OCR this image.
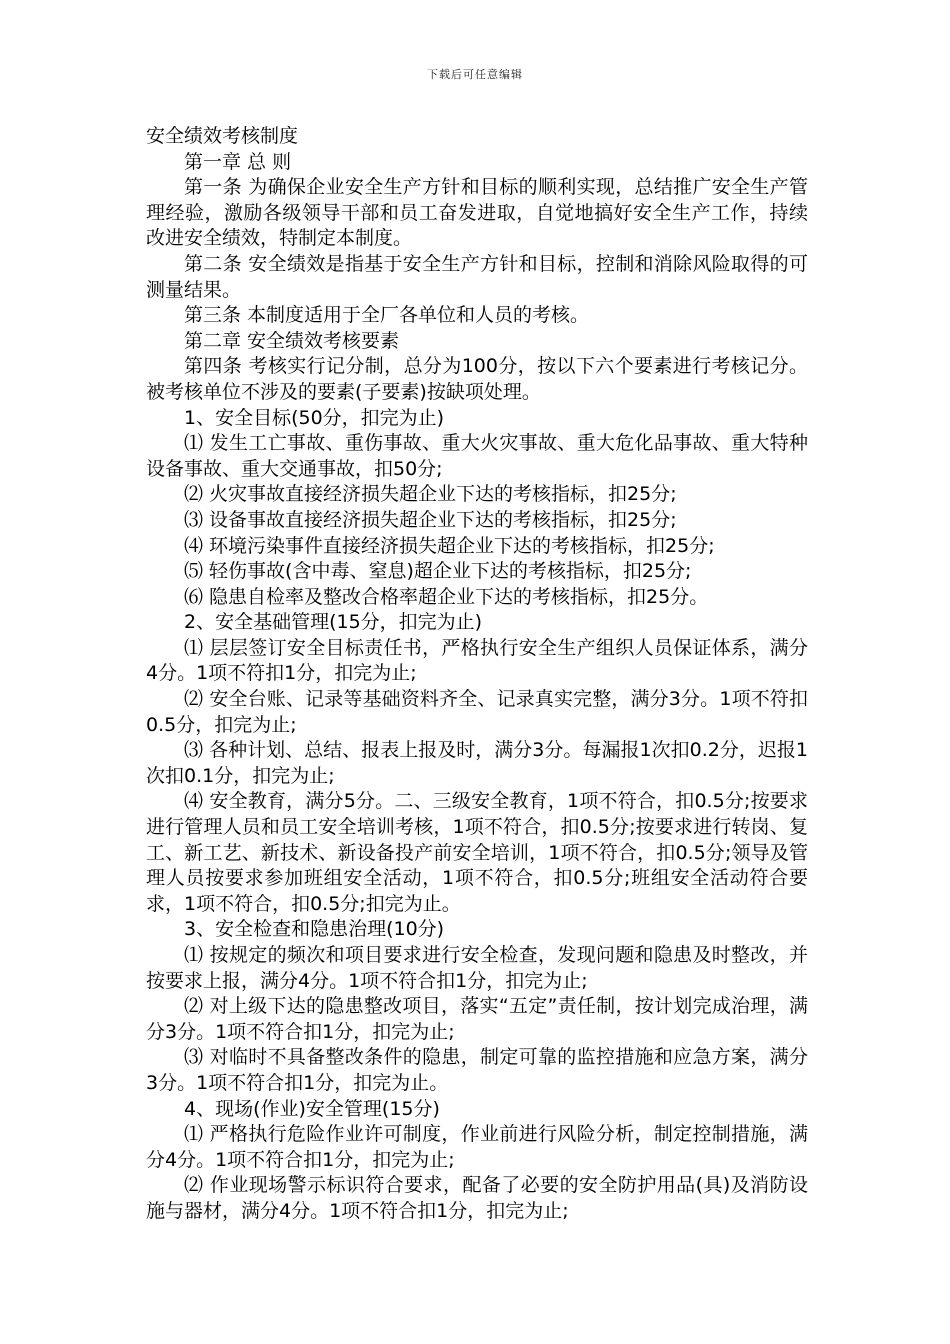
下载后可任意编辑

安全绩效考核制度

第一章 总 则

第一条 为确保企业安全生产方针和目标的顺利实现，总结推广安全生产管理经验，激励各级领导干部和员工奋发进取，自觉地搞好安全生产工作，持续改进安全绩效，特制定本制度。

第二条 安全绩效是指基于安全生产方针和目标，控制和消除风险取得的可测量结果。

第三条 本制度适用于全厂各单位和人员的考核。

第二章 安全绩效考核要素

第四条 考核实行记分制，总分为100分，按以下六个要素进行考核记分。被考核单位不涉及的要素(子要素)按缺项处理。

1、安全目标(50分，扣完为止)

⑴ 发生工亡事故、重伤事故、重大火灾事故、重大危化品事故、重大特种设备事故、重大交通事故，扣50分;

⑵ 火灾事故直接经济损失超企业下达的考核指标，扣25分;

⑶ 设备事故直接经济损失超企业下达的考核指标，扣25分;

⑷ 环境污染事件直接经济损失超企业下达的考核指标，扣25分;

⑸ 轻伤事故(含中毒、窒息)超企业下达的考核指标，扣25分;

⑹ 隐患自检率及整改合格率超企业下达的考核指标，扣25分。

2、安全基础管理(15分，扣完为止)

⑴ 层层签订安全目标责任书，严格执行安全生产组织人员保证体系，满分4分。1项不符扣1分，扣完为止;

⑵ 安全台账、记录等基础资料齐全、记录真实完整，满分3分。1项不符扣0.5分，扣完为止;

⑶ 各种计划、总结、报表上报及时，满分3分。每漏报1次扣0.2分，迟报1次扣0.1分，扣完为止;

⑷ 安全教育，满分5分。二、三级安全教育，1项不符合，扣0.5分;按要求进行管理人员和员工安全培训考核，1项不符合，扣0.5分;按要求进行转岗、复工、新工艺、新技术、新设备投产前安全培训，1项不符合，扣0.5分;领导及管理人员按要求参加班组安全活动，1项不符合，扣0.5分;班组安全活动符合要求，1项不符合，扣0.5分;扣完为止。

3、安全检查和隐患治理(10分)

⑴ 按规定的频次和项目要求进行安全检查，发现问题和隐患及时整改，并按要求上报，满分4分。1项不符合扣1分，扣完为止;

⑵ 对上级下达的隐患整改项目，落实“五定”责任制，按计划完成治理，满分3分。1项不符合扣1分，扣完为止;

⑶ 对临时不具备整改条件的隐患，制定可靠的监控措施和应急方案，满分3分。1项不符合扣1分，扣完为止。

4、现场(作业)安全管理(15分)

⑴ 严格执行危险作业许可制度，作业前进行风险分析，制定控制措施，满分4分。1项不符合扣1分，扣完为止;

⑵ 作业现场警示标识符合要求，配备了必要的安全防护用品(具)及消防设施与器材，满分4分。1项不符合扣1分，扣完为止;
